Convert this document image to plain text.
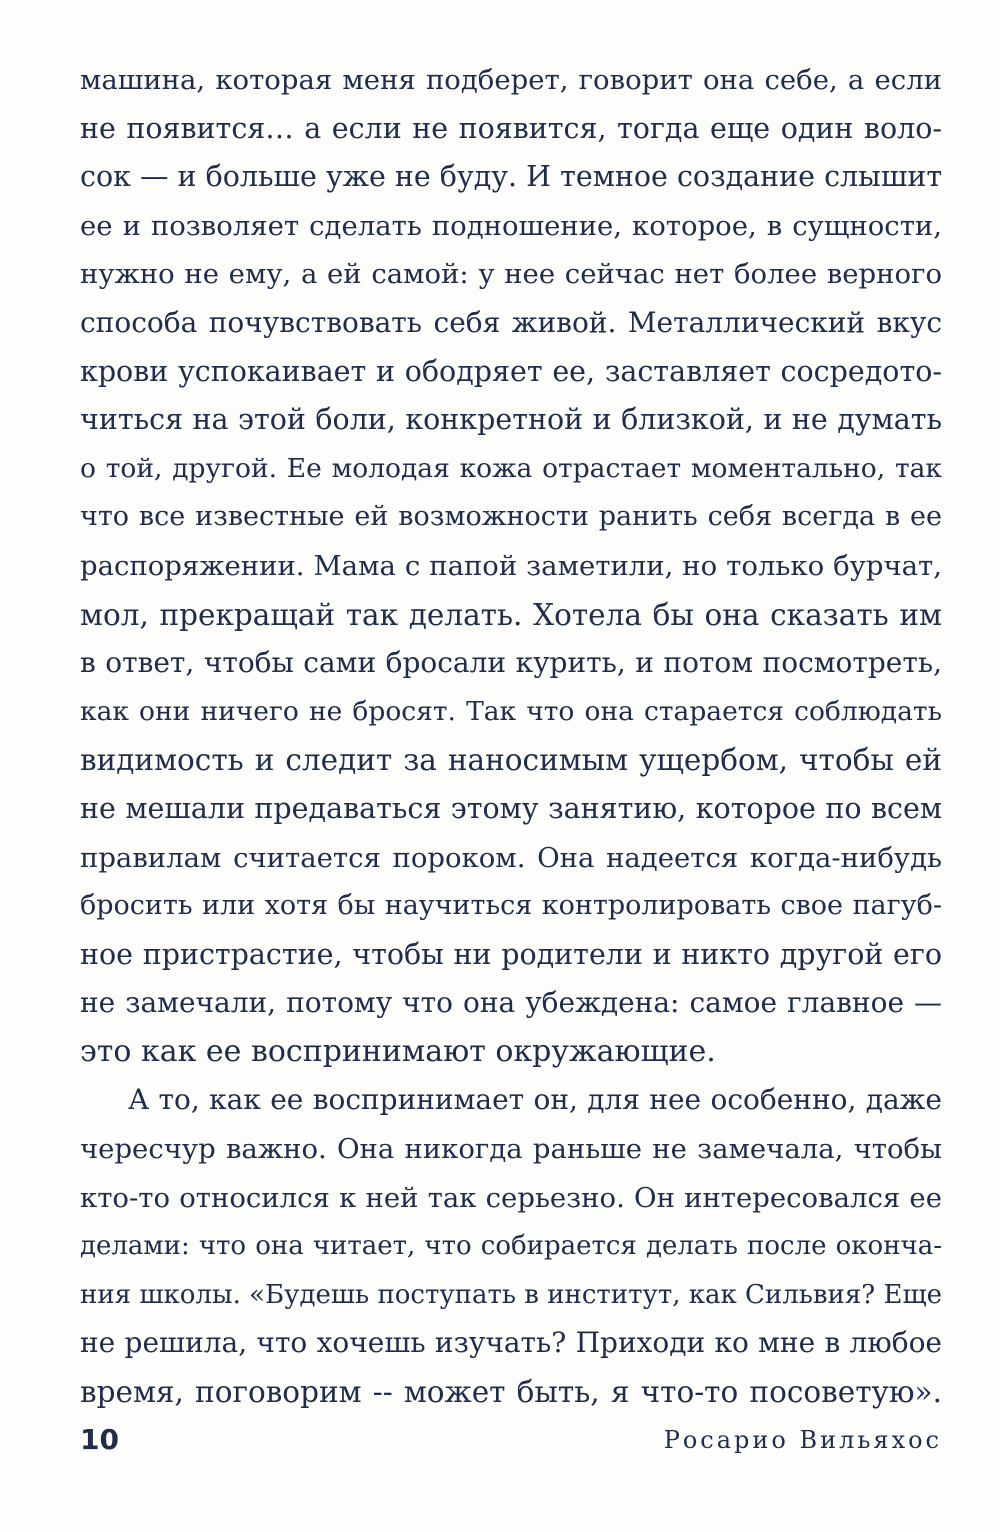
машина, которая меня подберет, говорит она себе, а если
не появится… а если не появится, тогда еще один воло-
сок — и больше уже не буду. И темное создание слышит
ее и позволяет сделать подношение, которое, в сущности,
нужно не ему, а ей самой: у нее сейчас нет более верного
способа почувствовать себя живой. Металлический вкус
крови успокаивает и ободряет ее, заставляет сосредото-
читься на этой боли, конкретной и близкой, и не думать
о той, другой. Ее молодая кожа отрастает моментально, так
что все известные ей возможности ранить себя всегда в ее
распоряжении. Мама с папой заметили, но только бурчат,
мол, прекращай так делать. Хотела бы она сказать им
в ответ, чтобы сами бросали курить, и потом посмотреть,
как они ничего не бросят. Так что она старается соблюдать
видимость и следит за наносимым ущербом, чтобы ей
не мешали предаваться этому занятию, которое по всем
правилам считается пороком. Она надеется когда-нибудь
бросить или хотя бы научиться контролировать свое пагуб-
ное пристрастие, чтобы ни родители и никто другой его
не замечали, потому что она убеждена: самое главное —
это как ее воспринимают окружающие.
А то, как ее воспринимает он, для нее особенно, даже
чересчур важно. Она никогда раньше не замечала, чтобы
кто-то относился к ней так серьезно. Он интересовался ее
делами: что она читает, что собирается делать после оконча-
ния школы. «Будешь поступать в институт, как Сильвия? Еще
не решила, что хочешь изучать? Приходи ко мне в любое
время, поговорим -- может быть, я что-то посоветую».
10	Росарио Вильяхос
